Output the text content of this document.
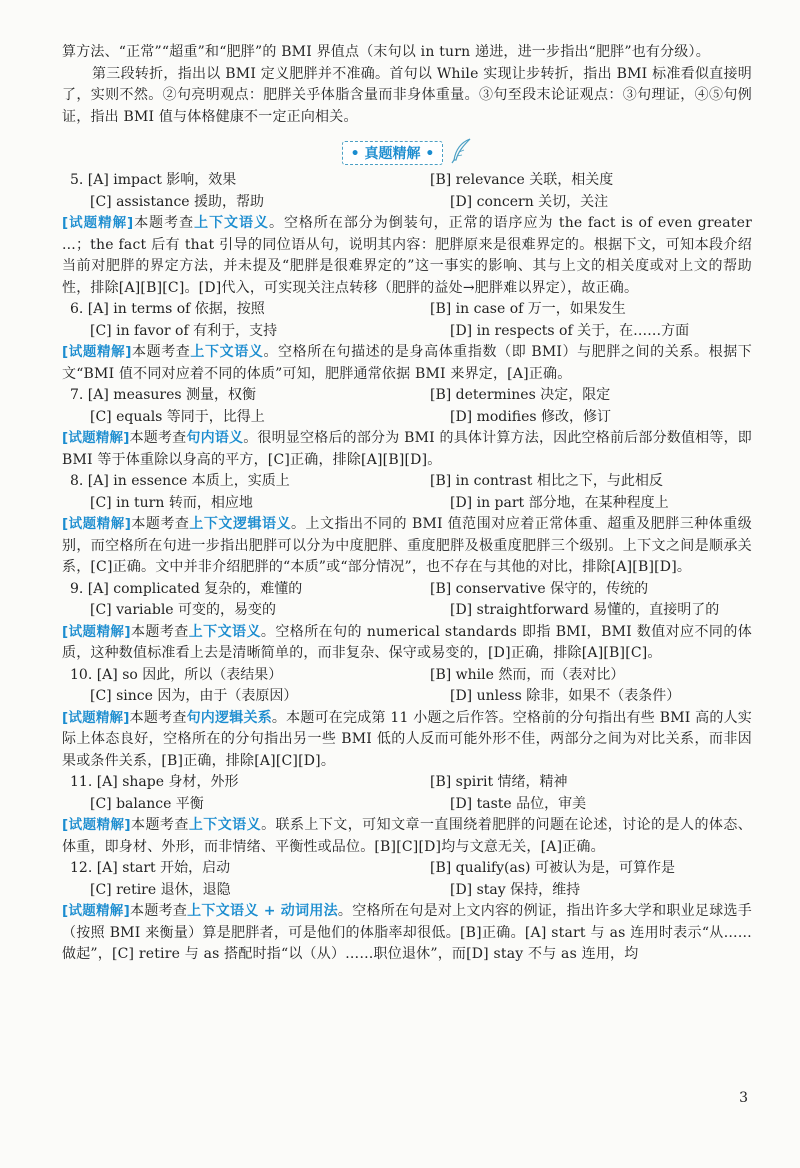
算方法、“正常”“超重”和“肥胖”的 BMI 界值点（末句以 in turn 递进，进一步指出“肥胖”也有分级）。

第三段转折，指出以 BMI 定义肥胖并不准确。首句以 While 实现让步转折，指出 BMI 标准看似直接明了，实则不然。②句亮明观点：肥胖关乎体脂含量而非身体重量。③句至段末论证观点：③句理证，④⑤句例证，指出 BMI 值与体格健康不一定正向相关。

• 真题精解 •
5. [A] impact 影响，效果	[B] relevance 关联，相关度
[C] assistance 援助，帮助	[D] concern 关切，关注

[试题精解]本题考查上下文语义。空格所在部分为倒装句，正常的语序应为 the fact is of even greater ...；the fact 后有 that 引导的同位语从句，说明其内容：肥胖原来是很难界定的。根据下文，可知本段介绍当前对肥胖的界定方法，并未提及“肥胖是很难界定的”这一事实的影响、其与上文的相关度或对上文的帮助性，排除[A][B][C]。[D]代入，可实现关注点转移（肥胖的益处→肥胖难以界定），故正确。

6. [A] in terms of 依据，按照	[B] in case of 万一，如果发生
[C] in favor of 有利于，支持	[D] in respects of 关于，在……方面

[试题精解]本题考查上下文语义。空格所在句描述的是身高体重指数（即 BMI）与肥胖之间的关系。根据下文“BMI 值不同对应着不同的体质”可知，肥胖通常依据 BMI 来界定，[A]正确。

7. [A] measures 测量，权衡	[B] determines 决定，限定
[C] equals 等同于，比得上	[D] modifies 修改，修订

[试题精解]本题考查句内语义。很明显空格后的部分为 BMI 的具体计算方法，因此空格前后部分数值相等，即 BMI 等于体重除以身高的平方，[C]正确，排除[A][B][D]。

8. [A] in essence 本质上，实质上	[B] in contrast 相比之下，与此相反
[C] in turn 转而，相应地	[D] in part 部分地，在某种程度上

[试题精解]本题考查上下文逻辑语义。上文指出不同的 BMI 值范围对应着正常体重、超重及肥胖三种体重级别，而空格所在句进一步指出肥胖可以分为中度肥胖、重度肥胖及极重度肥胖三个级别。上下文之间是顺承关系，[C]正确。文中并非介绍肥胖的“本质”或“部分情况”，也不存在与其他的对比，排除[A][B][D]。

9. [A] complicated 复杂的，难懂的	[B] conservative 保守的，传统的
[C] variable 可变的，易变的	[D] straightforward 易懂的，直接明了的

[试题精解]本题考查上下文语义。空格所在句的 numerical standards 即指 BMI，BMI 数值对应不同的体质，这种数值标准看上去是清晰简单的，而非复杂、保守或易变的，[D]正确，排除[A][B][C]。

10. [A] so 因此，所以（表结果）	[B] while 然而，而（表对比）
[C] since 因为，由于（表原因）	[D] unless 除非，如果不（表条件）

[试题精解]本题考查句内逻辑关系。本题可在完成第 11 小题之后作答。空格前的分句指出有些 BMI 高的人实际上体态良好，空格所在的分句指出另一些 BMI 低的人反而可能外形不佳，两部分之间为对比关系，而非因果或条件关系，[B]正确，排除[A][C][D]。

11. [A] shape 身材，外形	[B] spirit 情绪，精神
[C] balance 平衡	[D] taste 品位，审美

[试题精解]本题考查上下文语义。联系上下文，可知文章一直围绕着肥胖的问题在论述，讨论的是人的体态、体重，即身材、外形，而非情绪、平衡性或品位。[B][C][D]均与文意无关，[A]正确。

12. [A] start 开始，启动	[B] qualify(as) 可被认为是，可算作是
[C] retire 退休，退隐	[D] stay 保持，维持

[试题精解]本题考查上下文语义 + 动词用法。空格所在句是对上文内容的例证，指出许多大学和职业足球选手（按照 BMI 来衡量）算是肥胖者，可是他们的体脂率却很低。[B]正确。[A] start 与 as 连用时表示“从……做起”，[C] retire 与 as 搭配时指“以（从）……职位退休”，而[D] stay 不与 as 连用，均

3
